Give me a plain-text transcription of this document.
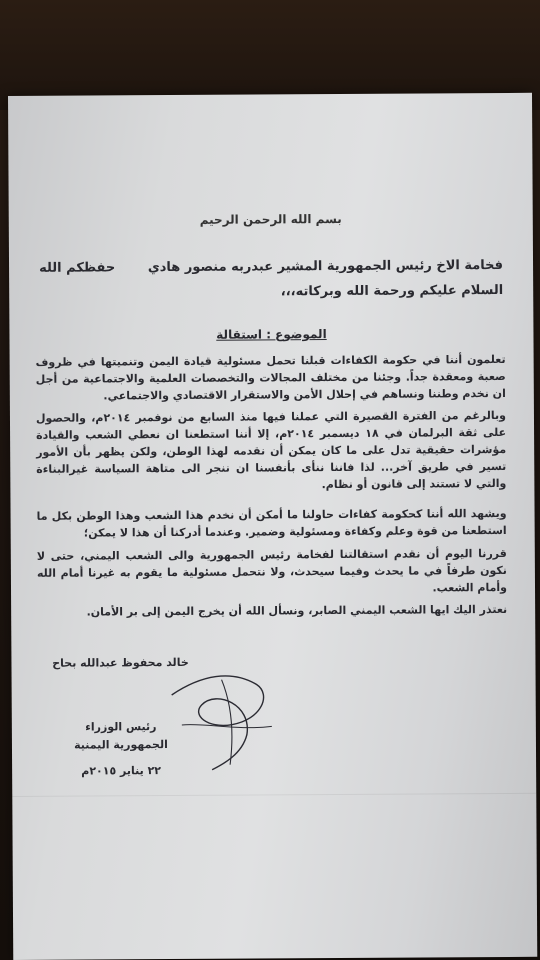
بسم الله الرحمن الرحيم
فخامة الاخ رئيس الجمهورية المشير عبدربه منصور هادي
حفظكم الله
السلام عليكم ورحمة الله وبركاته،،،
الموضوع : استقالة
تعلمون أننا في حكومة الكفاءات قبلنا تحمل مسئولية قيادة اليمن وتنميتها في ظروف صعبة ومعقدة جداً. وجئنا من مختلف المجالات والتخصصات العلمية والاجتماعية من أجل ان نخدم وطننا ونساهم في إحلال الأمن والاستقرار الاقتصادي والاجتماعي.
وبالرغم من الفترة القصيرة التي عملنا فيها منذ السابع من نوفمبر ٢٠١٤م، والحصول على ثقة البرلمان في ١٨ ديسمبر ٢٠١٤م، إلا أننا استطعنا ان نعطي الشعب والقيادة مؤشرات حقيقية تدل على ما كان يمكن أن نقدمه لهذا الوطن، ولكن يظهر بأن الأمور تسير في طريق آخر... لذا فاننا ننأى بأنفسنا ان ننجر الى متاهة السياسة غيرالبناءة والتي لا تستند إلى قانون أو نظام.
ويشهد الله أننا كحكومة كفاءات حاولنا ما أمكن أن نخدم هذا الشعب وهذا الوطن بكل ما استطعنا من قوة وعلم وكفاءة ومسئولية وضمير. وعندما أدركنا أن هذا لا يمكن؛
قررنا اليوم أن نقدم استقالتنا لفخامة رئيس الجمهورية والى الشعب اليمني، حتى لا نكون طرفاً في ما يحدث وفيما سيحدث، ولا نتحمل مسئولية ما يقوم به غيرنا أمام الله وأمام الشعب.
نعتذر اليك ايها الشعب اليمني الصابر، ونسأل الله أن يخرج اليمن إلى بر الأمان.
خالد محفوظ عبدالله بحاح
رئيس الوزراء
الجمهورية اليمنية
٢٢ يناير ٢٠١٥م
